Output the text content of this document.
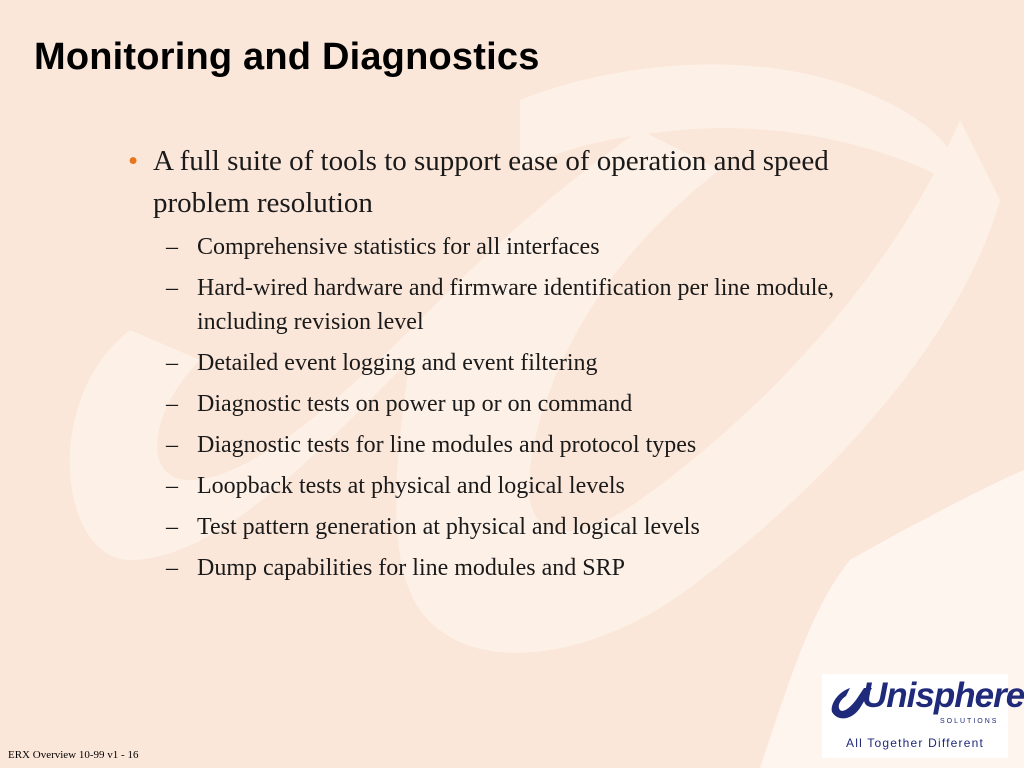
Monitoring and Diagnostics
• A full suite of tools to support ease of operation and speed problem resolution
– Comprehensive statistics for all interfaces
– Hard-wired hardware and firmware identification per line module, including revision level
– Detailed event logging and event filtering
– Diagnostic tests on power up or on command
– Diagnostic tests for line modules and protocol types
– Loopback tests at physical and logical levels
– Test pattern generation at physical and logical levels
– Dump capabilities for line modules and SRP
ERX Overview 10-99 v1 - 16
Unisphere
SOLUTIONS
All Together Different
